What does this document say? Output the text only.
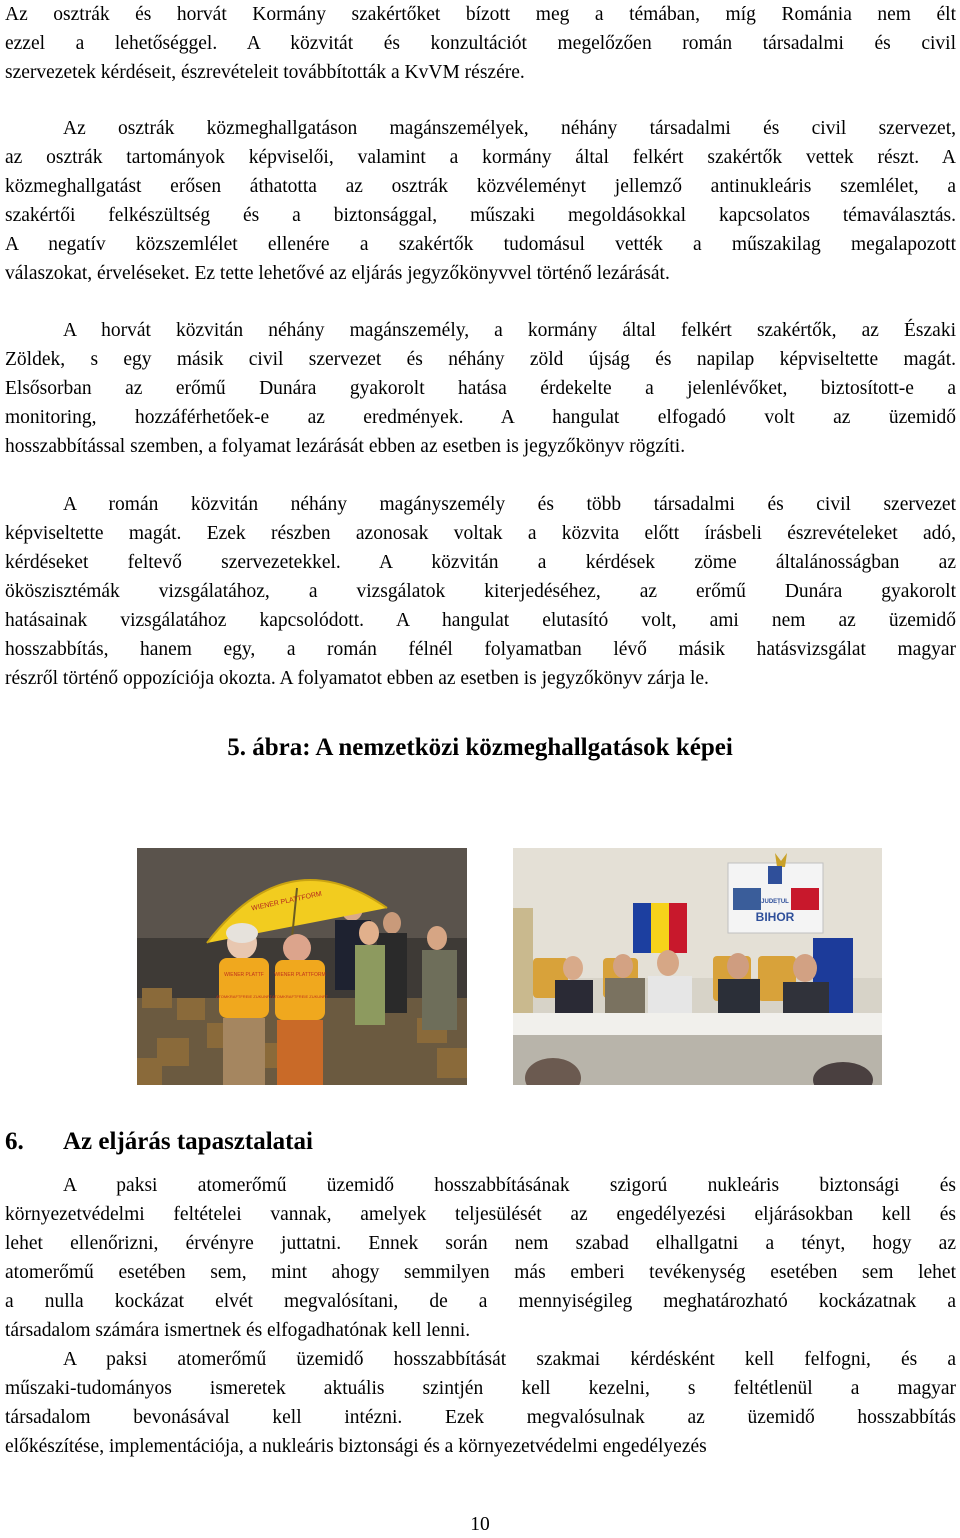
Az osztrák és horvát Kormány szakértőket bízott meg a témában, míg Románia nem élt
ezzel a lehetőséggel. A közvitát és konzultációt megelőzően román társadalmi és civil
szervezetek kérdéseit, észrevételeit továbbították a KvVM részére.
Az osztrák közmeghallgatáson magánszemélyek, néhány társadalmi és civil szervezet,
az osztrák tartományok képviselői, valamint a kormány által felkért szakértők vettek részt. A
közmeghallgatást erősen áthatotta az osztrák közvéleményt jellemző antinukleáris szemlélet, a
szakértői felkészültség és a biztonsággal, műszaki megoldásokkal kapcsolatos témaválasztás.
A negatív közszemlélet ellenére a szakértők tudomásul vették a műszakilag megalapozott
válaszokat, érveléseket. Ez tette lehetővé az eljárás jegyzőkönyvvel történő lezárását.
A horvát közvitán néhány magánszemély, a kormány által felkért szakértők, az Északi
Zöldek, s egy másik civil szervezet és néhány zöld újság és napilap képviseltette magát.
Elsősorban az erőmű Dunára gyakorolt hatása érdekelte a jelenlévőket, biztosított-e a
monitoring, hozzáférhetőek-e az eredmények. A hangulat elfogadó volt az üzemidő
hosszabbítással szemben, a folyamat lezárását ebben az esetben is jegyzőkönyv rögzíti.
A román közvitán néhány magányszemély és több társadalmi és civil szervezet
képviseltette magát. Ezek részben azonosak voltak a közvita előtt írásbeli észrevételeket adó,
kérdéseket feltevő szervezetekkel. A közvitán a kérdések zöme általánosságban az
ököszisztémák vizsgálatához, a vizsgálatok kiterjedéséhez, az erőmű Dunára gyakorolt
hatásainak vizsgálatához kapcsolódott. A hangulat elutasító volt, ami nem az üzemidő
hosszabbítás, hanem egy, a román félnél folyamatban lévő másik hatásvizsgálat magyar
részről történő oppozíciója okozta. A folyamatot ebben az esetben is jegyzőkönyv zárja le.
A paksi atomerőmű üzemidő hosszabbításának szigorú nukleáris biztonsági és
környezetvédelmi feltételei vannak, amelyek teljesülését az engedélyezési eljárásokban kell és
lehet ellenőrizni, érvényre juttatni. Ennek során nem szabad elhallgatni a tényt, hogy az
atomerőmű esetében sem, mint ahogy semmilyen más emberi tevékenység esetében sem lehet
a nulla kockázat elvét megvalósítani, de a mennyiségileg meghatározható kockázatnak a
társadalom számára ismertnek és elfogadhatónak kell lenni.
A paksi atomerőmű üzemidő hosszabbítását szakmai kérdésként kell felfogni, és a
műszaki-tudományos ismeretek aktuális szintjén kell kezelni, s feltétlenül a magyar
társadalom bevonásával kell intézni. Ezek megvalósulnak az üzemidő hosszabbítás
előkészítése, implementációja, a nukleáris biztonsági és a környezetvédelmi engedélyezés
5. ábra: A nemzetközi közmeghallgatások képei
WIENER PLATTFORM
WIENER PLATTF
ATOMKRAFTFREIE ZUKUNFT
WIENER PLATTFORM
ATOMKRAFTFREIE ZUKUNFT
JUDEȚUL
BIHOR
6. Az eljárás tapasztalatai
10
